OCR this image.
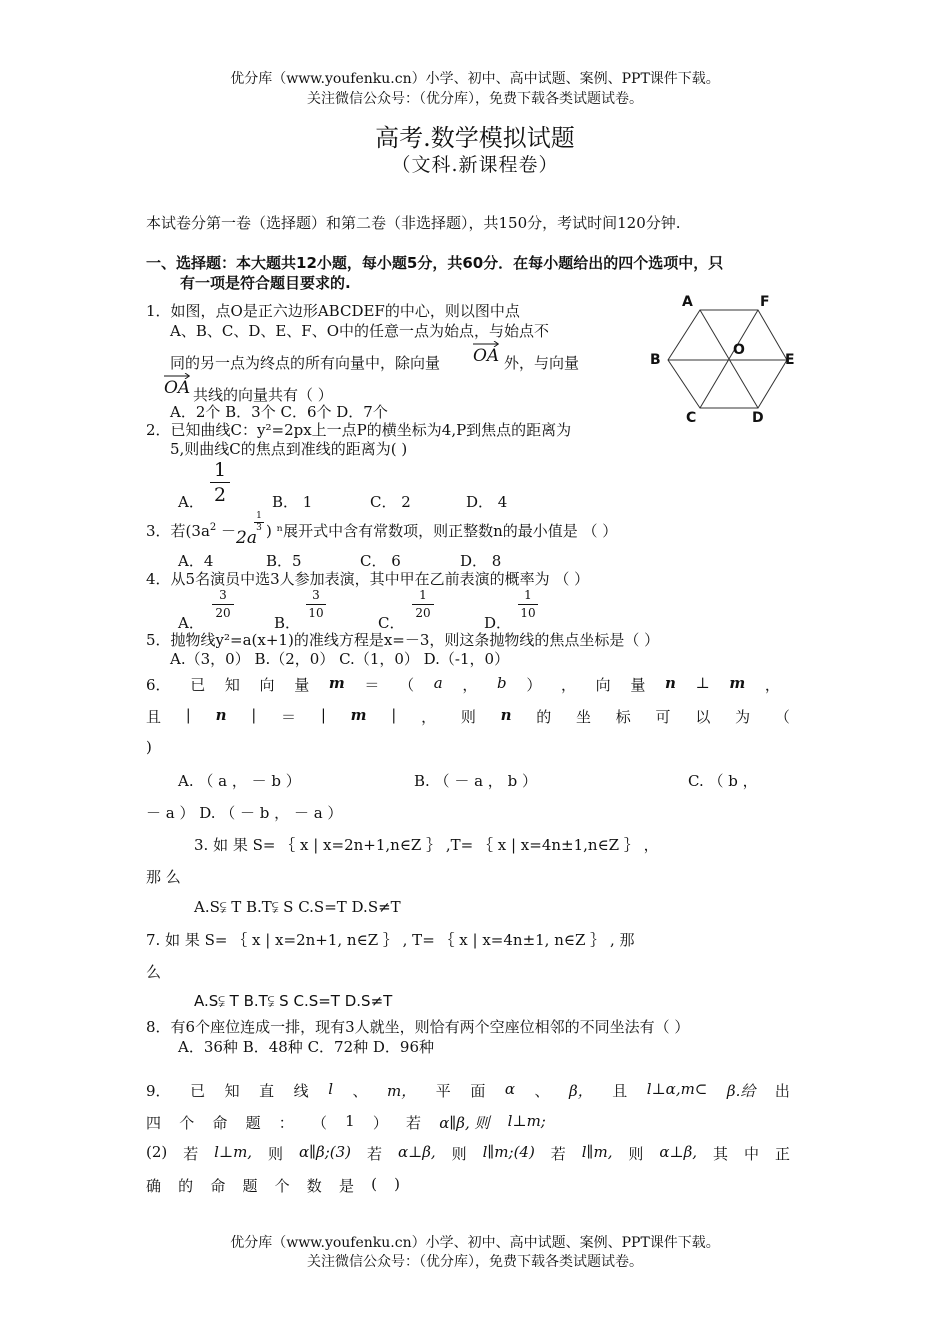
优分库（www.youfenku.cn）小学、初中、高中试题、案例、PPT课件下载。
关注微信公众号：（优分库），免费下载各类试题试卷。
高考.数学模拟试题
（文科.新课程卷）
本试卷分第一卷（选择题）和第二卷（非选择题），共150分，考试时间120分钟.
一、选择题：本大题共12小题，每小题5分，共60分．在每小题给出的四个选项中，只
有一项是符合题目要求的.
A	F
B
O
E
C	D
1．如图，点O是正六边形ABCDEF的中心，则以图中点
A、B、C、D、E、F、O中的任意一点为始点，与始点不
同的另一点为终点的所有向量中，除向量 OA 外，与向量
OA 共线的向量共有（ ）
A．2个 B．3个 C．6个 D．7个
2．已知曲线C：y²=2px上一点P的横坐标为4,P到焦点的距离为
5,则曲线C的焦点到准线的距离为( )
A．
1
2	B． 1	C． 2	D． 4
3．若($3a^2 - 2a$
1
3 ) ⁿ展开式中含有常数项，则正整数n的最小值是 （ ）
A．4	B．5	C． 6	D． 8
4．从5名演员中选3人参加表演，其中甲在乙前表演的概率为 （ ）
A．
3
20
B．
3
10
C．
1
20
D．
1
10
5．抛物线y²=a(x+1)的准线方程是x=－3，则这条抛物线的焦点坐标是（ ）
A.（3，0） B.（2，0） C.（1，0） D.（-1，0）
6． 已 知 向 量 m ＝ （ a ， b ） ， 向 量 n ⊥ m ，
且 | n | ＝ | m | ， 则 n 的 坐 标 可 以 为 （
)
A. （ a ， － b ）	B. （ － a ， b ）	C. （ b ，
－ a ） D. （ － b ， － a ）
3. 如 果 S= ｛ x | x=2n+1,n∈Z ｝ ,T= ｛ x | x=4n±1,n∈Z ｝ ，
那 么
A.S⫋ T B.T⫋ S C.S=T D.S≠T
7. 如 果 S= ｛ x | x=2n+1, n∈Z ｝ , T= ｛ x | x=4n±1, n∈Z ｝ , 那
么
A.S⫋ T B.T⫋ S C.S=T D.S≠T
8．有6个座位连成一排，现有3人就坐，则恰有两个空座位相邻的不同坐法有（ ）
A．36种 B．48种 C．72种 D．96种
9． 已 知 直 线 l 、 m， 平 面 α 、 β， 且 l⊥α,m⊂ β.给 出
四 个 命 题 ： （ 1 ） 若 α∥β, 则 l⊥m;
(2) 若 l⊥m, 则 α∥β;(3) 若 α⊥β, 则 l∥m;(4) 若 l∥m, 则 α⊥β, 其 中 正
确 的 命 题 个 数 是 ( )
优分库（www.youfenku.cn）小学、初中、高中试题、案例、PPT课件下载。
关注微信公众号：（优分库），免费下载各类试题试卷。
